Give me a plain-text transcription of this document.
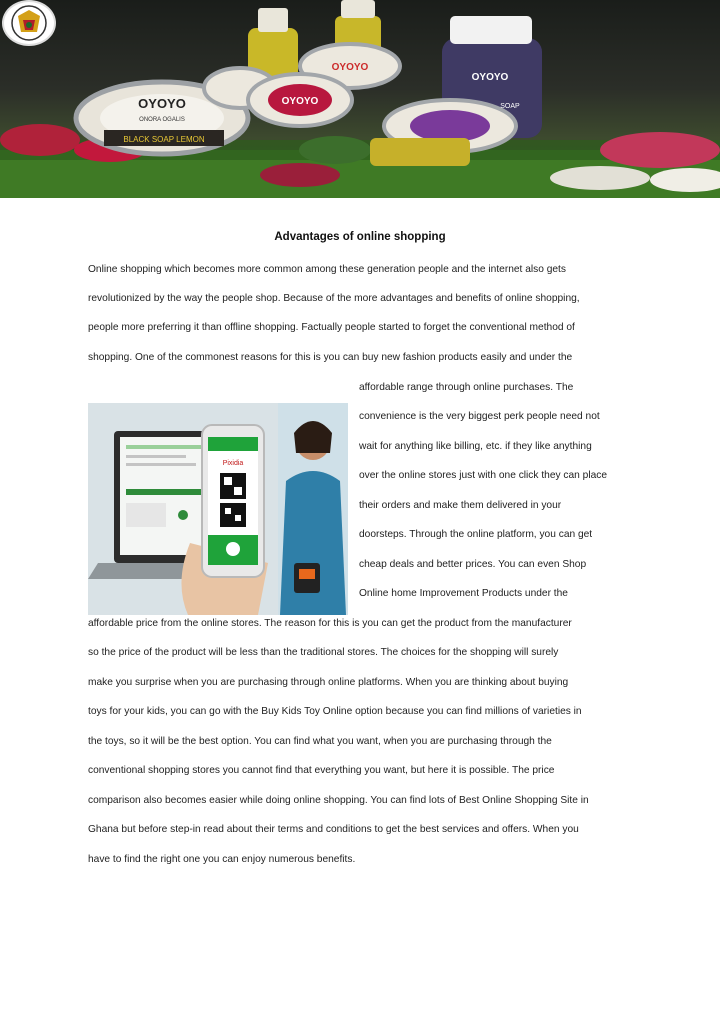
OYOYO
ONORA OGALIS
BLACK SOAP LEMON
OYOYO
OYOYO
OYOYO
SOAP
Advantages of online shopping
Online shopping which becomes more common among these generation people and the internet also gets
revolutionized by the way the people shop. Because of the more advantages and benefits of online shopping,
people more preferring it than offline shopping. Factually people started to forget the conventional method of
shopping. One of the commonest reasons for this is you can buy new fashion products easily and under the
affordable range through online purchases. The
convenience is the very biggest perk people need not
wait for anything like billing, etc. if they like anything
over the online stores just with one click they can place
their orders and make them delivered in your
doorsteps. Through the online platform, you can get
cheap deals and better prices. You can even Shop
Online home Improvement Products under the
Pixidia
affordable price from the online stores. The reason for this is you can get the product from the manufacturer
so the price of the product will be less than the traditional stores. The choices for the shopping will surely
make you surprise when you are purchasing through online platforms. When you are thinking about buying
toys for your kids, you can go with the Buy Kids Toy Online option because you can find millions of varieties in
the toys, so it will be the best option. You can find what you want, when you are purchasing through the
conventional shopping stores you cannot find that everything you want, but here it is possible. The price
comparison also becomes easier while doing online shopping. You can find lots of Best Online Shopping Site in
Ghana but before step-in read about their terms and conditions to get the best services and offers. When you
have to find the right one you can enjoy numerous benefits.
